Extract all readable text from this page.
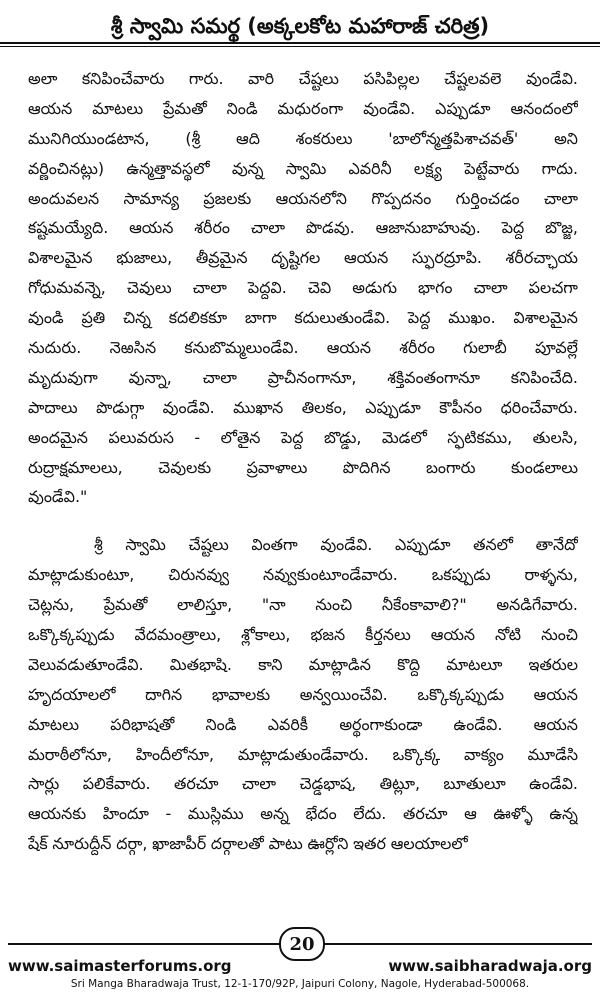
శ్రీ స్వామి సమర్థ (అక్కలకోట మహారాజ్ చరిత్ర)
అలా కనిపించేవారు గారు. వారి చేష్టలు పసిపిల్లల చేష్టలవలె వుండేవి.
ఆయన మాటలు ప్రేమతో నిండి మధురంగా వుండేవి. ఎప్పుడూ ఆనందంలో
మునిగియుండటాన, (శ్రీ ఆది శంకరులు 'బాలోన్మత్తపిశాచవత్' అని
వర్ణించినట్లు) ఉన్మత్తావస్థలో వున్న స్వామి ఎవరినీ లక్ష్య పెట్టేవారు గాదు.
అందువలన సామాన్య ప్రజలకు ఆయనలోని గొప్పదనం గుర్తించడం చాలా
కష్టమయ్యేది. ఆయన శరీరం చాలా పొడవు. ఆజానుబాహువు. పెద్ద బొజ్జ,
విశాలమైన భుజాలు, తీవ్రమైన దృష్టిగల ఆయన స్ఫురద్రూపి. శరీరచ్ఛాయ
గోధుమవన్నె, చెవులు చాలా పెద్దవి. చెవి అడుగు భాగం చాలా పలచగా
వుండి ప్రతి చిన్న కదలికకూ బాగా కదులుతుండేవి. పెద్ద ముఖం. విశాలమైన
నుదురు. నెఱసిన కనుబొమ్మలుండేవి. ఆయన శరీరం గులాబీ పూవల్లే
మృదువుగా వున్నా, చాలా ప్రాచీనంగానూ, శక్తివంతంగానూ కనిపించేది.
పాదాలు పొడుగ్గా వుండేవి. ముఖాన తిలకం, ఎప్పుడూ కౌపీనం ధరించేవారు.
అందమైన పలువరుస - లోతైన పెద్ద బొడ్డు, మెడలో స్ఫటికము, తులసి,
రుద్రాక్షమాలలు, చెవులకు ప్రవాళాలు పొదిగిన బంగారు కుండలాలు
వుండేవి."
శ్రీ స్వామి చేష్టలు వింతగా వుండేవి. ఎప్పుడూ తనలో తానేదో
మాట్లాడుకుంటూ, చిరునవ్వు నవ్వుకుంటూండేవారు. ఒకప్పుడు రాళ్ళను,
చెట్లను, ప్రేమతో లాలిస్తూ, "నా నుంచి నీకేంకావాలి?" అనడిగేవారు.
ఒక్కొక్కప్పుడు వేదమంత్రాలు, శ్లోకాలు, భజన కీర్తనలు ఆయన నోటి నుంచి
వెలువడుతూండేవి. మితభాషి. కాని మాట్లాడిన కొద్ది మాటలూ ఇతరుల
హృదయాలలో దాగిన భావాలకు అన్వయించేవి. ఒక్కొక్కప్పుడు ఆయన
మాటలు పరిభాషతో నిండి ఎవరికీ అర్థంగాకుండా ఉండేవి. ఆయన
మరాఠీలోనూ, హిందీలోనూ, మాట్లాడుతుండేవారు. ఒక్కొక్క వాక్యం మూడేసి
సార్లు పలికేవారు. తరచూ చాలా చెడ్డభాష, తిట్లూ, బూతులూ ఉండేవి.
ఆయనకు హిందూ - ముస్లిము అన్న భేదం లేదు. తరచూ ఆ ఊళ్ళో ఉన్న
షేక్ నూరుద్దీన్ దర్గా, ఖాజాపీర్ దర్గాలతో పాటు ఊర్లోని ఇతర ఆలయాలలో
20
www.saimasterforums.org	www.saibharadwaja.org
Sri Manga Bharadwaja Trust, 12-1-170/92P, Jaipuri Colony, Nagole, Hyderabad-500068.
